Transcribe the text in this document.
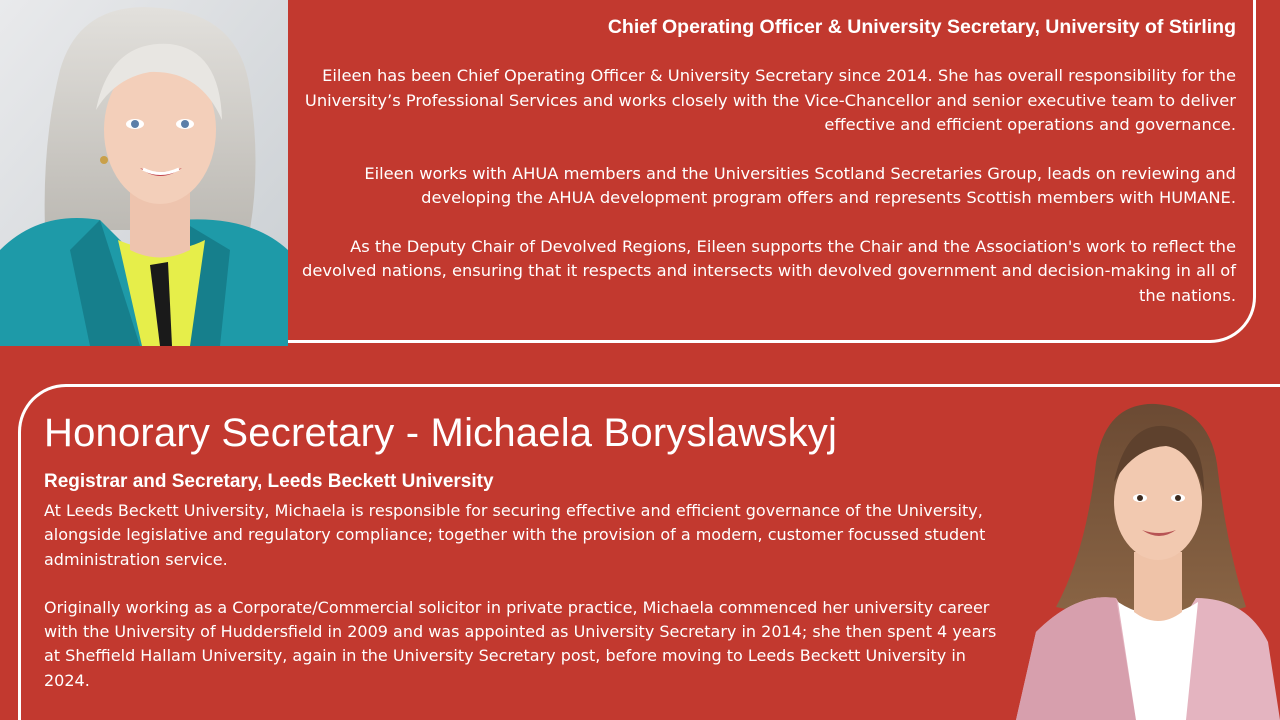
Chief Operating Officer & University Secretary, University of Stirling

Eileen has been Chief Operating Officer & University Secretary since 2014. She has overall responsibility for the University’s Professional Services and works closely with the Vice-Chancellor and senior executive team to deliver effective and efficient operations and governance.

Eileen works with AHUA members and the Universities Scotland Secretaries Group, leads on reviewing and developing the AHUA development program offers and represents Scottish members with HUMANE.

As the Deputy Chair of Devolved Regions, Eileen supports the Chair and the Association's work to reflect the devolved nations, ensuring that it respects and intersects with devolved government and decision-making in all of the nations.

Honorary Secretary - Michaela Boryslawskyj

Registrar and Secretary, Leeds Beckett University

At Leeds Beckett University, Michaela is responsible for securing effective and efficient governance of the University, alongside legislative and regulatory compliance; together with the provision of a modern, customer focussed student administration service.

Originally working as a Corporate/Commercial solicitor in private practice, Michaela commenced her university career with the University of Huddersfield in 2009 and was appointed as University Secretary in 2014; she then spent 4 years at Sheffield Hallam University, again in the University Secretary post, before moving to Leeds Beckett University in 2024.
